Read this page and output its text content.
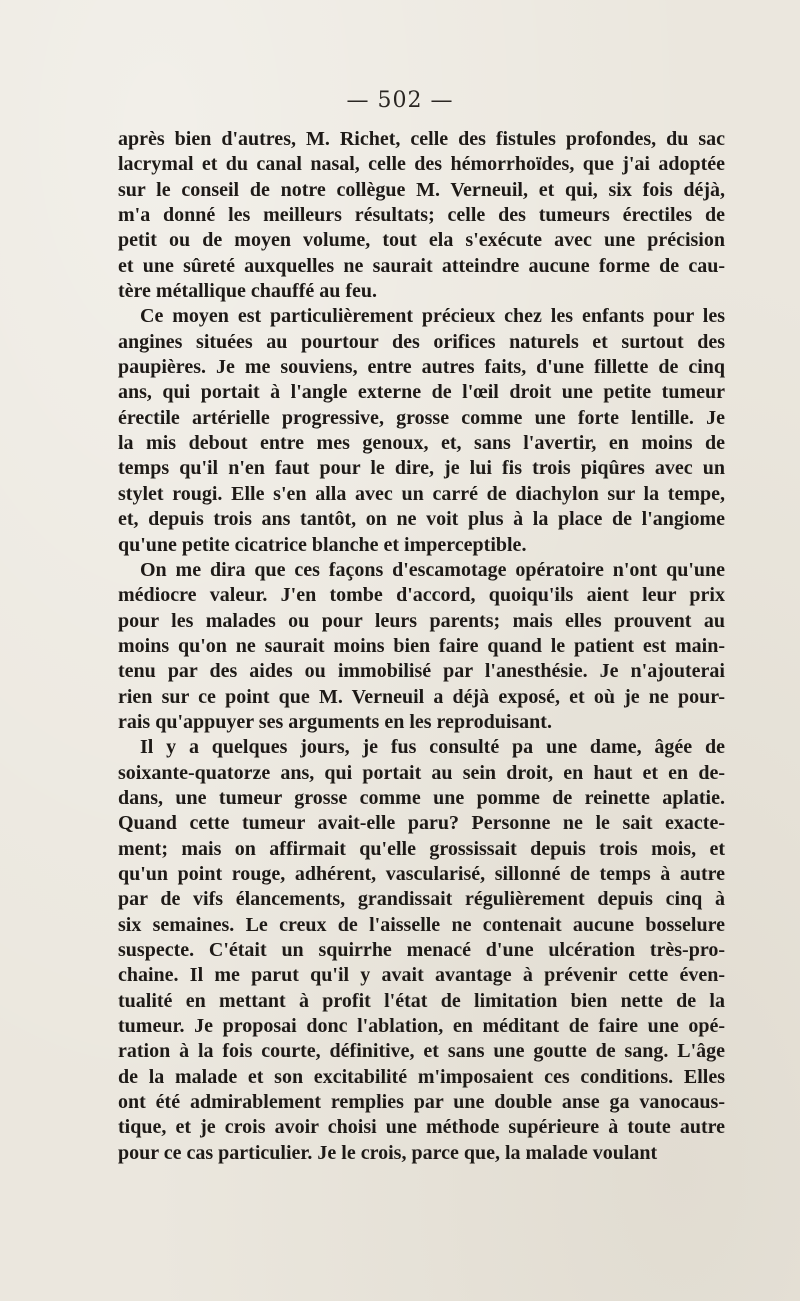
— 502 —
après bien d'autres, M. Richet, celle des fistules profondes, du sac
lacrymal et du canal nasal, celle des hémorrhoïdes, que j'ai adoptée
sur le conseil de notre collègue M. Verneuil, et qui, six fois déjà,
m'a donné les meilleurs résultats; celle des tumeurs érectiles de
petit ou de moyen volume, tout ela s'exécute avec une précision
et une sûreté auxquelles ne saurait atteindre aucune forme de cau-
tère métallique chauffé au feu.
Ce moyen est particulièrement précieux chez les enfants pour les
angines situées au pourtour des orifices naturels et surtout des
paupières. Je me souviens, entre autres faits, d'une fillette de cinq
ans, qui portait à l'angle externe de l'œil droit une petite tumeur
érectile artérielle progressive, grosse comme une forte lentille. Je
la mis debout entre mes genoux, et, sans l'avertir, en moins de
temps qu'il n'en faut pour le dire, je lui fis trois piqûres avec un
stylet rougi. Elle s'en alla avec un carré de diachylon sur la tempe,
et, depuis trois ans tantôt, on ne voit plus à la place de l'angiome
qu'une petite cicatrice blanche et imperceptible.
On me dira que ces façons d'escamotage opératoire n'ont qu'une
médiocre valeur. J'en tombe d'accord, quoiqu'ils aient leur prix
pour les malades ou pour leurs parents; mais elles prouvent au
moins qu'on ne saurait moins bien faire quand le patient est main-
tenu par des aides ou immobilisé par l'anesthésie. Je n'ajouterai
rien sur ce point que M. Verneuil a déjà exposé, et où je ne pour-
rais qu'appuyer ses arguments en les reproduisant.
Il y a quelques jours, je fus consulté pa une dame, âgée de
soixante-quatorze ans, qui portait au sein droit, en haut et en de-
dans, une tumeur grosse comme une pomme de reinette aplatie.
Quand cette tumeur avait-elle paru? Personne ne le sait exacte-
ment; mais on affirmait qu'elle grossissait depuis trois mois, et
qu'un point rouge, adhérent, vascularisé, sillonné de temps à autre
par de vifs élancements, grandissait régulièrement depuis cinq à
six semaines. Le creux de l'aisselle ne contenait aucune bosselure
suspecte. C'était un squirrhe menacé d'une ulcération très-pro-
chaine. Il me parut qu'il y avait avantage à prévenir cette éven-
tualité en mettant à profit l'état de limitation bien nette de la
tumeur. Je proposai donc l'ablation, en méditant de faire une opé-
ration à la fois courte, définitive, et sans une goutte de sang. L'âge
de la malade et son excitabilité m'imposaient ces conditions. Elles
ont été admirablement remplies par une double anse ga vanocaus-
tique, et je crois avoir choisi une méthode supérieure à toute autre
pour ce cas particulier. Je le crois, parce que, la malade voulant
